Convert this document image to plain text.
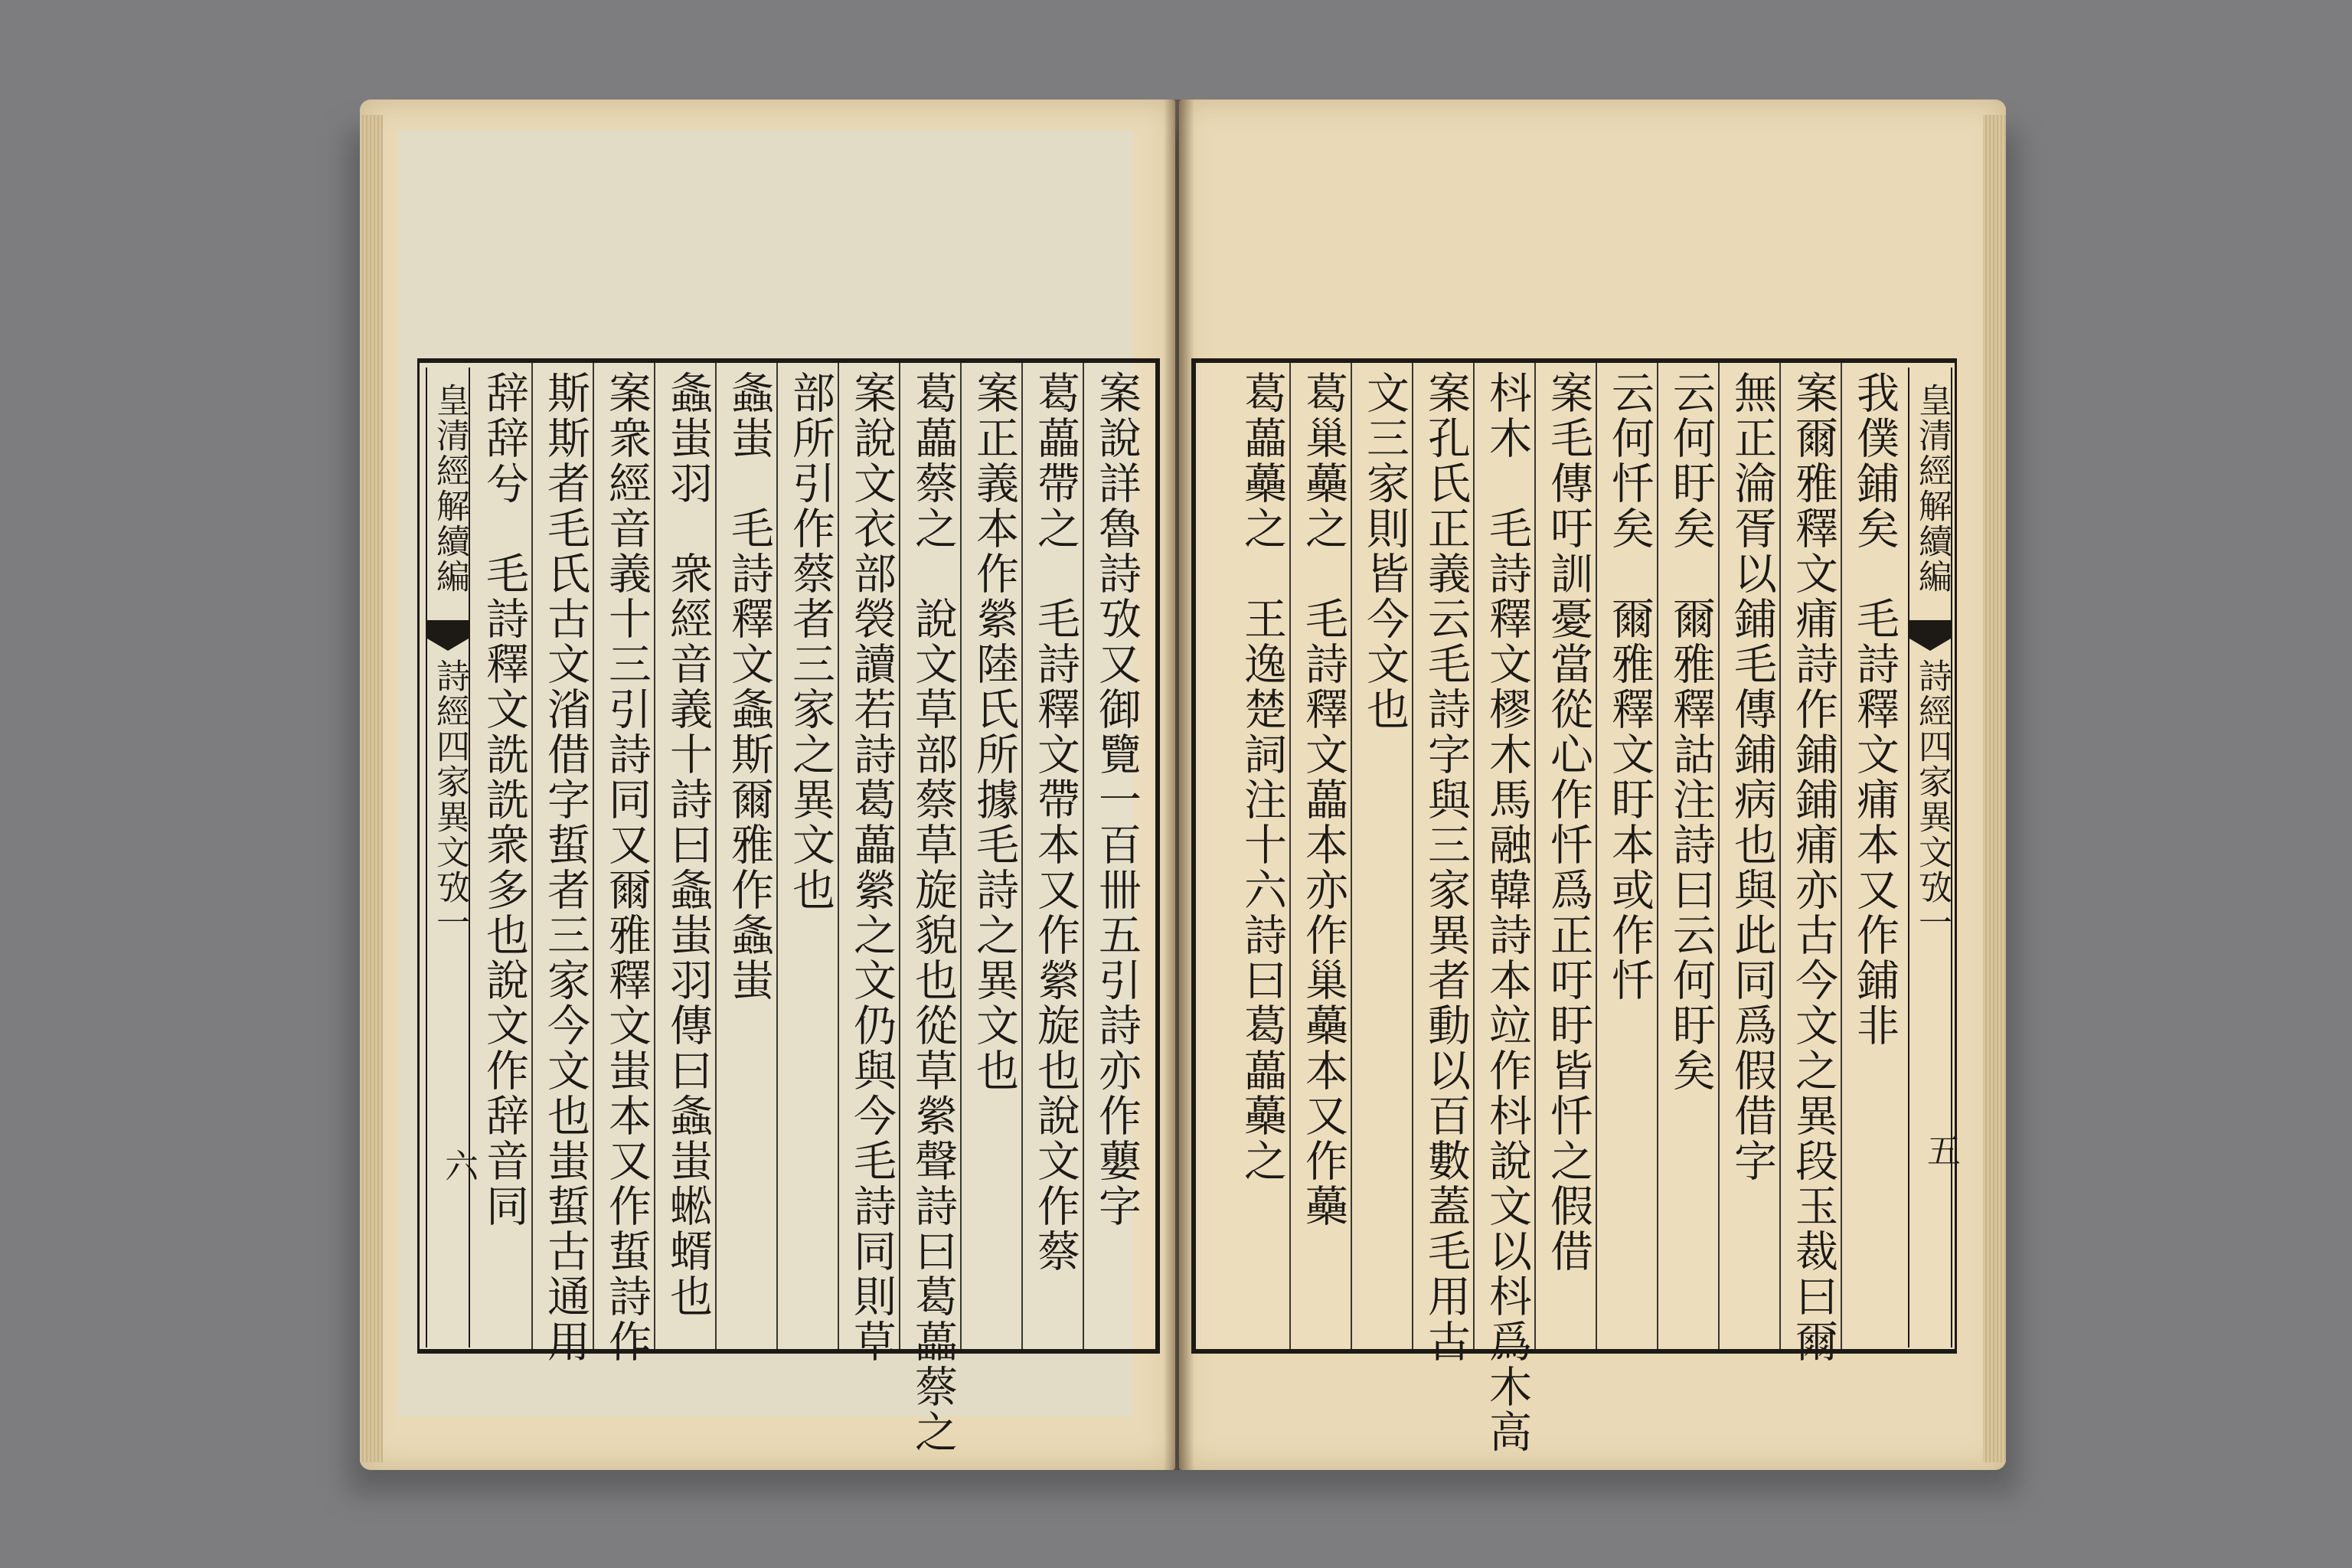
案說詳魯詩攷又御覽一百卌五引詩亦作蘡字
葛藟帶之　毛詩釋文帶本又作縈旋也說文作蔡
案正義本作縈陸氏所據毛詩之異文也
葛藟蔡之　說文草部蔡草旋貌也從草縈聲詩曰葛藟蔡之
案說文衣部褮讀若詩葛藟縈之文仍與今毛詩同則草
部所引作蔡者三家之異文也
螽蚩　毛詩釋文螽斯爾雅作螽蚩
螽蚩羽　衆經音義十詩曰螽蚩羽傳曰螽蚩蜙蝑也
案衆經音義十三引詩同又爾雅釋文蚩本又作蜇詩作
斯斯者毛氏古文渻借字蜇者三家今文也蚩蜇古通用
辞辞兮　毛詩釋文詵詵衆多也說文作辞音同
皇清經解續編
詩經四家異文攷一
六
皇清經解續編
詩經四家異文攷一
五
我僕鋪矣　毛詩釋文痡本又作鋪非
案爾雅釋文痡詩作鋪鋪痡亦古今文之異段玉裁曰爾
無正淪胥以鋪毛傳鋪病也與此同爲假借字
云何盱矣　爾雅釋詁注詩曰云何盱矣
云何忏矣　爾雅釋文盱本或作忏
案毛傳吁訓憂當從心作忏爲正吁盱皆忏之假借
枓木　毛詩釋文樛木馬融韓詩本竝作枓說文以枓爲木高
案孔氏正義云毛詩字與三家異者動以百數蓋毛用古
文三家則皆今文也
葛巢蘽之　毛詩釋文藟本亦作巢蘽本又作蘽
葛藟蘽之　王逸楚詞注十六詩曰葛藟蘽之
